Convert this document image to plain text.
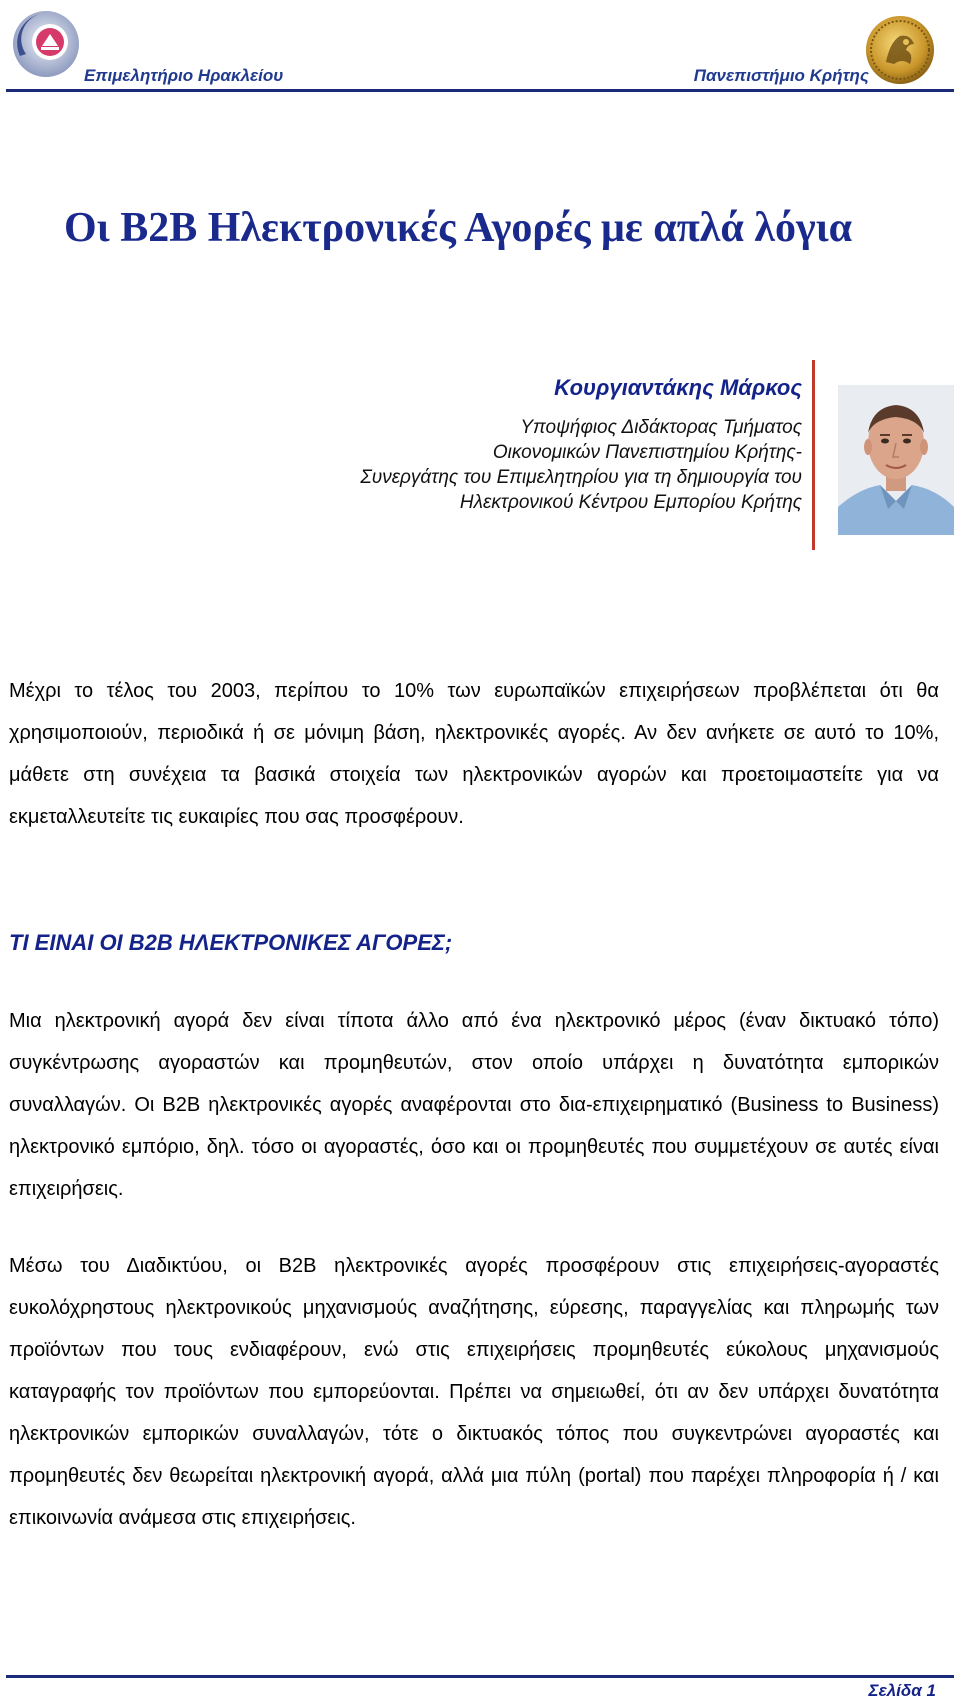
Επιμελητήριο Ηρακλείου	Πανεπιστήμιο Κρήτης
Οι B2B Ηλεκτρονικές Αγορές με απλά λόγια
Κουργιαντάκης Μάρκος
Υποψήφιος Διδάκτορας Τμήματος
Οικονομικών Πανεπιστημίου Κρήτης-
Συνεργάτης του Επιμελητηρίου για τη δημιουργία του
Ηλεκτρονικού Κέντρου Εμπορίου Κρήτης

Μέχρι το τέλος του 2003, περίπου το 10% των ευρωπαϊκών επιχειρήσεων προβλέπεται ότι θα χρησιμοποιούν, περιοδικά ή σε μόνιμη βάση, ηλεκτρονικές αγορές. Αν δεν ανήκετε σε αυτό το 10%, μάθετε στη συνέχεια τα βασικά στοιχεία των ηλεκτρονικών αγορών και προετοιμαστείτε για να εκμεταλλευτείτε τις ευκαιρίες που σας προσφέρουν.

ΤΙ ΕΙΝΑΙ ΟΙ B2B ΗΛΕΚΤΡΟΝΙΚΕΣ ΑΓΟΡΕΣ;

Μια ηλεκτρονική αγορά δεν είναι τίποτα άλλο από ένα ηλεκτρονικό μέρος (έναν δικτυακό τόπο) συγκέντρωσης αγοραστών και προμηθευτών, στον οποίο υπάρχει η δυνατότητα εμπορικών συναλλαγών. Οι B2B ηλεκτρονικές αγορές αναφέρονται στο δια-επιχειρηματικό (Business to Business) ηλεκτρονικό εμπόριο, δηλ. τόσο οι αγοραστές, όσο και οι προμηθευτές που συμμετέχουν σε αυτές είναι επιχειρήσεις.

Μέσω του Διαδικτύου, οι B2B ηλεκτρονικές αγορές προσφέρουν στις επιχειρήσεις-αγοραστές ευκολόχρηστους ηλεκτρονικούς μηχανισμούς αναζήτησης, εύρεσης, παραγγελίας και πληρωμής των προϊόντων που τους ενδιαφέρουν, ενώ στις επιχειρήσεις προμηθευτές εύκολους μηχανισμούς καταγραφής τον προϊόντων που εμπορεύονται. Πρέπει να σημειωθεί, ότι αν δεν υπάρχει δυνατότητα ηλεκτρονικών εμπορικών συναλλαγών, τότε ο δικτυακός τόπος που συγκεντρώνει αγοραστές και προμηθευτές δεν θεωρείται ηλεκτρονική αγορά, αλλά μια πύλη (portal) που παρέχει πληροφορία ή / και επικοινωνία ανάμεσα στις επιχειρήσεις.

Σελίδα 1
